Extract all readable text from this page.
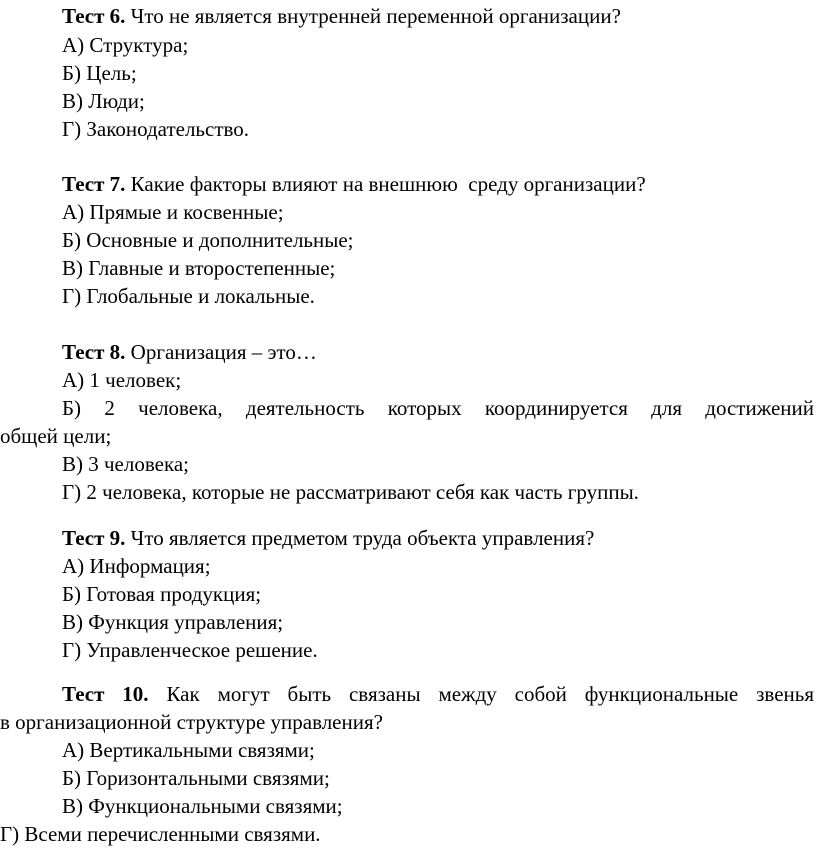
Тест 6. Что не является внутренней переменной организации?
А) Структура;
Б) Цель;
В) Люди;
Г) Законодательство.
Тест 7. Какие факторы влияют на внешнюю  среду организации?
А) Прямые и косвенные;
Б) Основные и дополнительные;
В) Главные и второстепенные;
Г) Глобальные и локальные.
Тест 8. Организация – это…
А) 1 человек;
Б) 2 человека, деятельность которых координируется для достижений
общей цели;
В) 3 человека;
Г) 2 человека, которые не рассматривают себя как часть группы.
Тест 9. Что является предметом труда объекта управления?
А) Информация;
Б) Готовая продукция;
В) Функция управления;
Г) Управленческое решение.
Тест 10. Как могут быть связаны между собой функциональные звенья
в организационной структуре управления?
А) Вертикальными связями;
Б) Горизонтальными связями;
В) Функциональными связями;
Г) Всеми перечисленными связями.
